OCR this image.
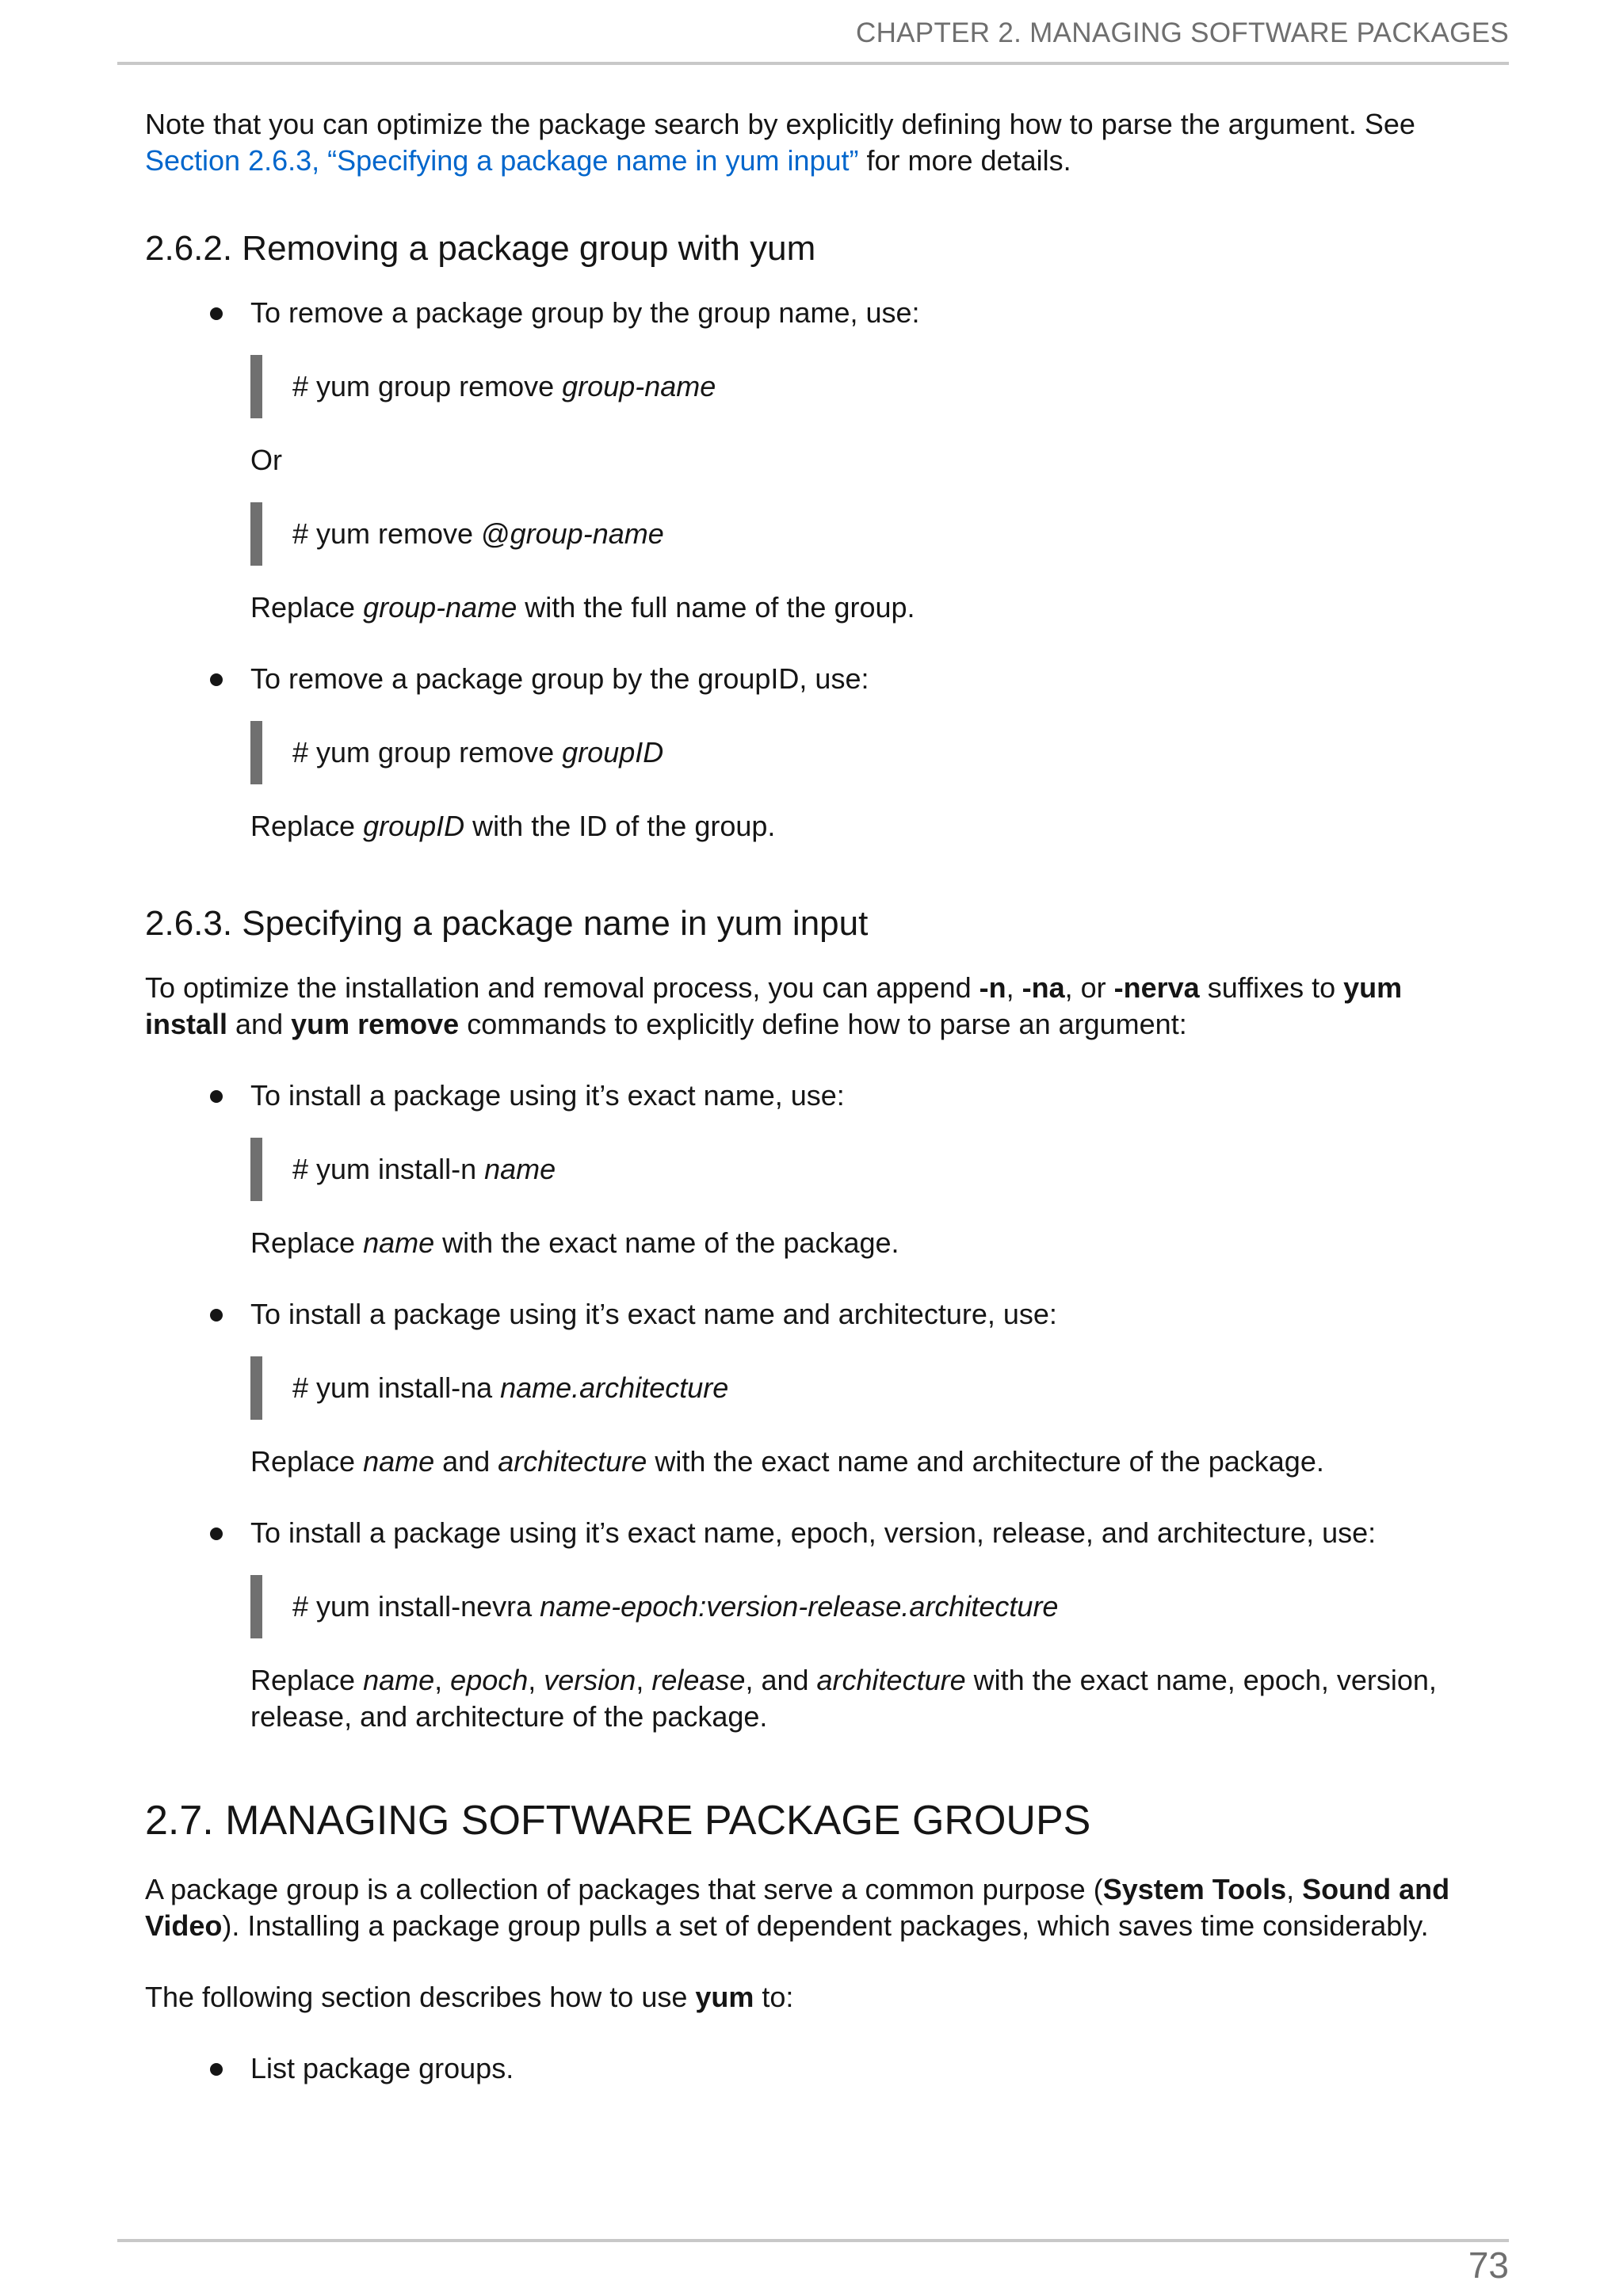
CHAPTER 2. MANAGING SOFTWARE PACKAGES

Note that you can optimize the package search by explicitly defining how to parse the argument. See Section 2.6.3, “Specifying a package name in yum input” for more details.

2.6.2. Removing a package group with yum

To remove a package group by the group name, use:

# yum group remove group-name

Or

# yum remove @group-name

Replace group-name with the full name of the group.

To remove a package group by the groupID, use:

# yum group remove groupID

Replace groupID with the ID of the group.

2.6.3. Specifying a package name in yum input

To optimize the installation and removal process, you can append -n, -na, or -nerva suffixes to yum install and yum remove commands to explicitly define how to parse an argument:

To install a package using it’s exact name, use:

# yum install-n name

Replace name with the exact name of the package.

To install a package using it’s exact name and architecture, use:

# yum install-na name.architecture

Replace name and architecture with the exact name and architecture of the package.

To install a package using it’s exact name, epoch, version, release, and architecture, use:

# yum install-nevra name-epoch:version-release.architecture

Replace name, epoch, version, release, and architecture with the exact name, epoch, version, release, and architecture of the package.

2.7. MANAGING SOFTWARE PACKAGE GROUPS

A package group is a collection of packages that serve a common purpose (System Tools, Sound and Video). Installing a package group pulls a set of dependent packages, which saves time considerably.

The following section describes how to use yum to:

List package groups.
73
